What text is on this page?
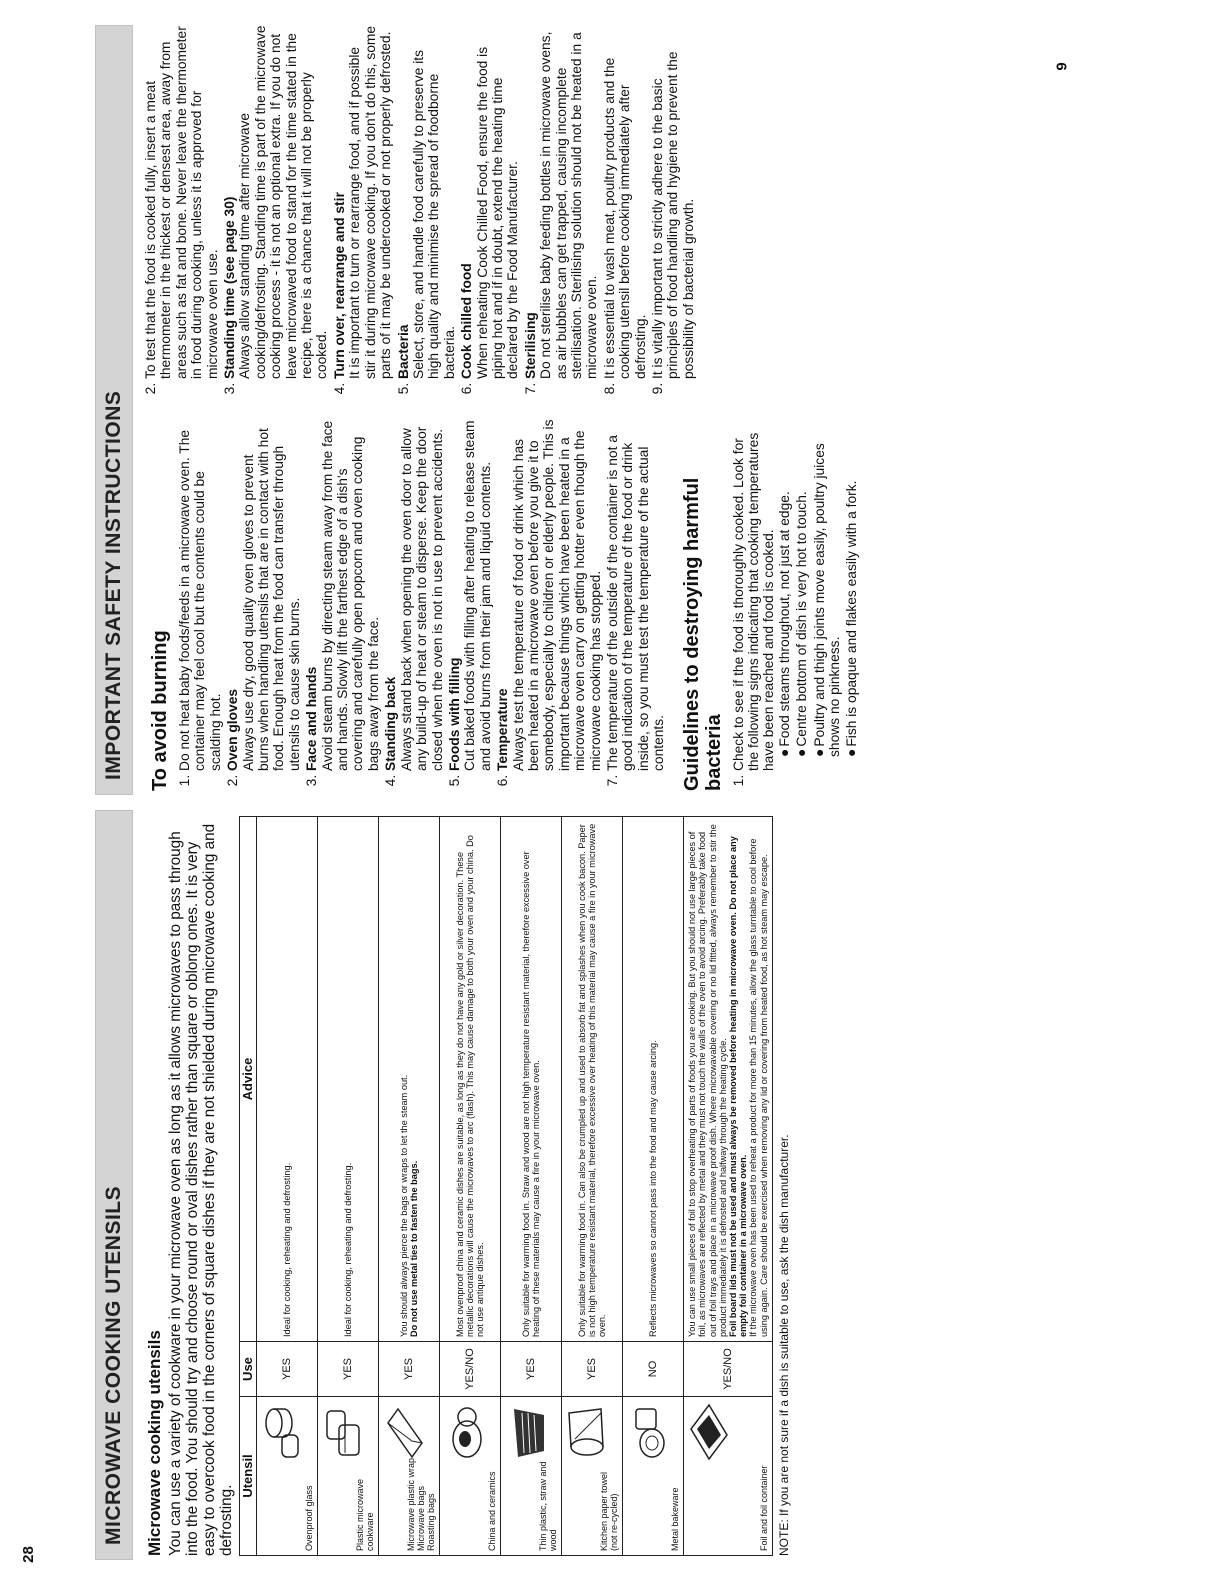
28
9
MICROWAVE COOKING UTENSILS	Microwave cooking utensils You can use a variety of cookware in your microwave oven as long as it allows microwaves to pass through into the food. You should try and choose round or oval dishes rather than square or oblong ones. It is very easy to overcook food in the corners of square dishes if they are not shielded during microwave cooking and defrosting.

Utensil	Use	Advice

Ovenproof glass	YES	Ideal for cooking, reheating and defrosting.

Plastic microwave cookware	YES	Ideal for cooking, reheating and defrosting.

Microwave plastic wrap
Microwave bags
Roasting bags	YES	You should always pierce the bags or wraps to let the steam out.
Do not use metal ties to fasten the bags.

China and ceramics	YES/NO	Most ovenproof china and ceramic dishes are suitable, as long as they do not have any gold or silver decoration. These metallic decorations will cause the microwaves to arc (flash). This may cause damage to both your oven and your china. Do not use antique dishes.

Thin plastic, straw and wood	YES	Only suitable for warming food in. Straw and wood are not high temperature resistant material, therefore excessive over heating of these materials may cause a fire in your microwave oven.

Kitchen paper towel (not re-cycled)	YES	Only suitable for warming food in. Can also be crumpled up and used to absorb fat and splashes when you cook bacon. Paper is not high temperature resistant material, therefore excessive over heating of this material may cause a fire in your microwave oven.

Metal bakeware	NO	Reflects microwaves so cannot pass into the food and may cause arcing.

Foil and foil container	YES/NO	You can use small pieces of foil to stop overheating of parts of foods you are cooking. But you should not use large pieces of foil, as microwaves are reflected by metal and they must not touch the walls of the oven to avoid arcing. Preferably take food out of foil trays and place in a microwave proof dish. Where microwavable covering or no lid fitted, always remember to stir the product immediately it is defrosted and halfway through the heating cycle.
Foil board lids must not be used and must always be removed before heating in microwave oven. Do not place any empty foil container in a microwave oven.
If the microwave oven has been used to reheat a product for more than 15 minutes, allow the glass turntable to cool before using again. Care should be exercised when removing any lid or covering from heated food, as hot steam may escape.
NOTE: If you are not sure if a dish is suitable to use, ask the dish manufacturer.
IMPORTANT SAFETY INSTRUCTIONS	To avoid burning 1. Do not heat baby foods/feeds in a microwave oven. The container may feel cool but the contents could be scalding hot. 2. Oven gloves Always use dry, good quality oven gloves to prevent burns when handling utensils that are in contact with hot food. Enough heat from the food can transfer through utensils to cause skin burns. 3. Face and hands Avoid steam burns by directing steam away from the face and hands. Slowly lift the farthest edge of a dish's covering and carefully open popcorn and oven cooking bags away from the face. 4. Standing back Always stand back when opening the oven door to allow any build-up of heat or steam to disperse. Keep the door closed when the oven is not in use to prevent accidents. 5. Foods with filling Cut baked foods with filling after heating to release steam and avoid burns from their jam and liquid contents. 6. Temperature Always test the temperature of food or drink which has been heated in a microwave oven before you give it to somebody, especially to children or elderly people. This is important because things which have been heated in a microwave oven carry on getting hotter even though the microwave cooking has stopped. 7. The temperature of the outside of the container is not a good indication of the temperature of the food or drink inside, so you must test the temperature of the actual contents. Guidelines to destroying harmful bacteria 1. Check to see if the food is thoroughly cooked. Look for the following signs indicating that cooking temperatures have been reached and food is cooked. ● Food steams throughout, not just at edge. ● Centre bottom of dish is very hot to touch. ● Poultry and thigh joints move easily, poultry juices shows no pinkness. ● Fish is opaque and flakes easily with a fork.
2. To test that the food is cooked fully, insert a meat thermometer in the thickest or densest area, away from areas such as fat and bone. Never leave the thermometer in food during cooking, unless it is approved for microwave oven use. 3. Standing time (see page 30) Always allow standing time after microwave cooking/defrosting. Standing time is part of the microwave cooking process - it is not an optional extra. If you do not leave microwaved food to stand for the time stated in the recipe, there is a chance that it will not be properly cooked. 4. Turn over, rearrange and stir It is important to turn or rearrange food, and if possible stir it during microwave cooking. If you don't do this, some parts of it may be undercooked or not properly defrosted. 5. Bacteria Select, store, and handle food carefully to preserve its high quality and minimise the spread of foodborne bacteria. 6. Cook chilled food When reheating Cook Chilled Food, ensure the food is piping hot and if in doubt, extend the heating time declared by the Food Manufacturer. 7. Sterilising Do not sterilise baby feeding bottles in microwave ovens, as air bubbles can get trapped, causing incomplete sterilisation. Sterilising solution should not be heated in a microwave oven. 8. It is essential to wash meat, poultry products and the cooking utensil before cooking immediately after defrosting. 9. It is vitally important to strictly adhere to the basic principles of food handling and hygiene to prevent the possibility of bacterial growth.
